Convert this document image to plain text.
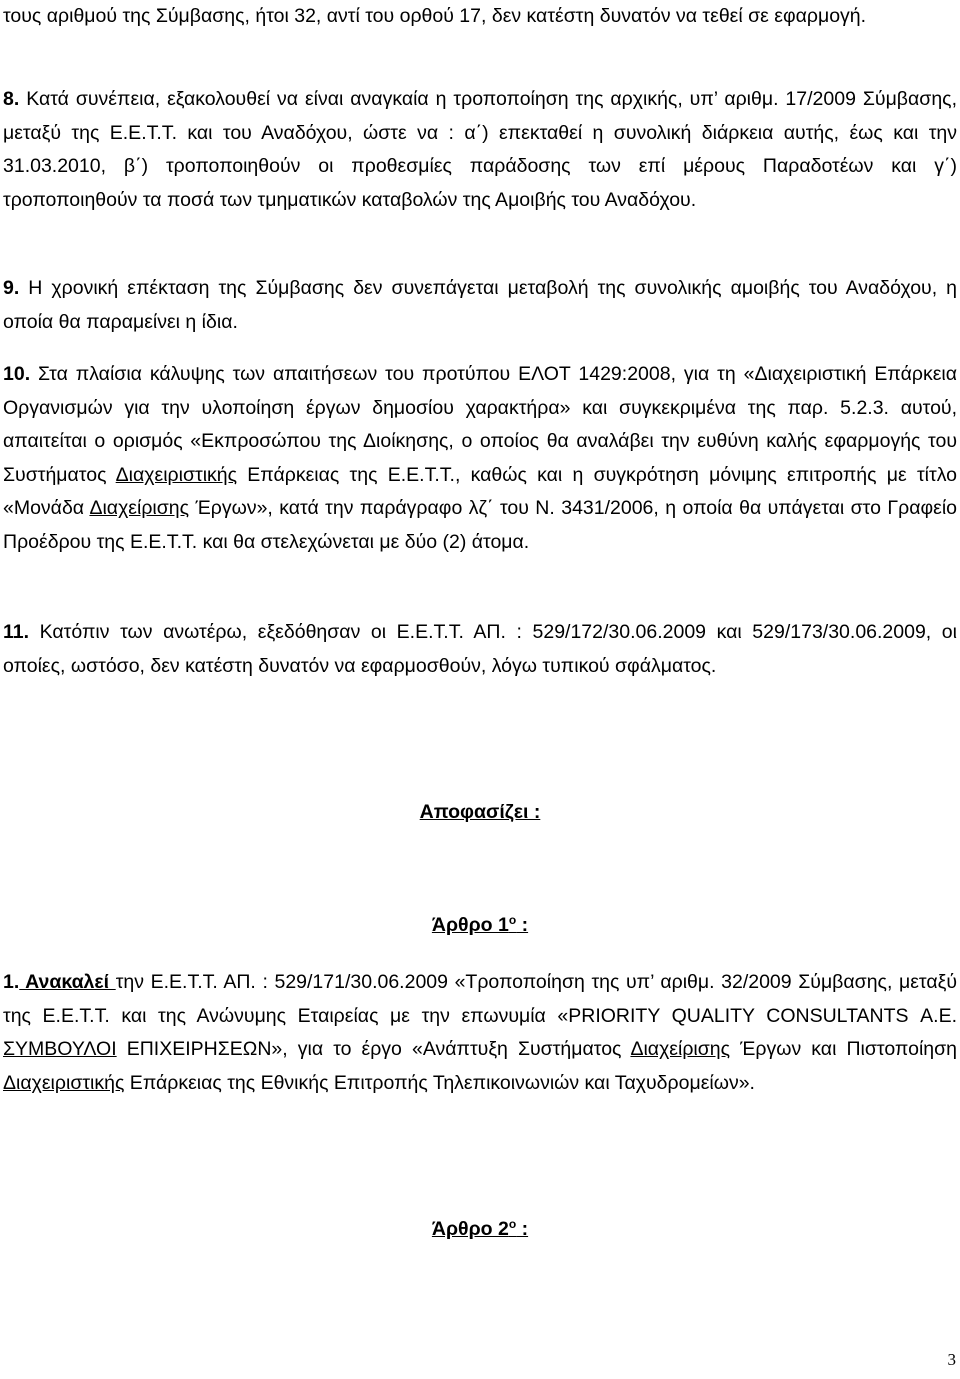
τους αριθμού της Σύμβασης, ήτοι 32, αντί του ορθού 17, δεν κατέστη δυνατόν να τεθεί σε εφαρμογή.

8. Κατά συνέπεια, εξακολουθεί να είναι αναγκαία η τροποποίηση της αρχικής, υπ’ αριθμ. 17/2009 Σύμβασης, μεταξύ της Ε.Ε.Τ.Τ. και του Αναδόχου, ώστε να : α΄) επεκταθεί η συνολική διάρκεια αυτής, έως και την 31.03.2010, β΄) τροποποιηθούν οι προθεσμίες παράδοσης των επί μέρους Παραδοτέων και γ΄) τροποποιηθούν τα ποσά των τμηματικών καταβολών της Αμοιβής του Αναδόχου.

9. Η χρονική επέκταση της Σύμβασης δεν συνεπάγεται μεταβολή της συνολικής αμοιβής του Αναδόχου, η οποία θα παραμείνει η ίδια.

10. Στα πλαίσια κάλυψης των απαιτήσεων του προτύπου ΕΛΟΤ 1429:2008, για τη «Διαχειριστική Επάρκεια Οργανισμών για την υλοποίηση έργων δημοσίου χαρακτήρα» και συγκεκριμένα της παρ. 5.2.3. αυτού, απαιτείται ο ορισμός «Εκπροσώπου της Διοίκησης, ο οποίος θα αναλάβει την ευθύνη καλής εφαρμογής του Συστήματος Διαχειριστικής Επάρκειας της Ε.Ε.Τ.Τ., καθώς και η συγκρότηση μόνιμης επιτροπής με τίτλο «Μονάδα Διαχείρισης Έργων», κατά την παράγραφο λζ΄ του Ν. 3431/2006, η οποία θα υπάγεται στο Γραφείο Προέδρου της Ε.Ε.Τ.Τ. και θα στελεχώνεται με δύο (2) άτομα.

11. Κατόπιν των ανωτέρω, εξεδόθησαν οι Ε.Ε.Τ.Τ. ΑΠ. : 529/172/30.06.2009 και 529/173/30.06.2009, οι οποίες, ωστόσο, δεν κατέστη δυνατόν να εφαρμοσθούν, λόγω τυπικού σφάλματος.

Αποφασίζει :

Άρθρο $1^o$ :

1. Ανακαλεί την Ε.Ε.Τ.Τ. ΑΠ. : 529/171/30.06.2009 «Τροποποίηση της υπ’ αριθμ. 32/2009 Σύμβασης, μεταξύ της Ε.Ε.Τ.Τ. και της Ανώνυμης Εταιρείας με την επωνυμία «PRIORITY QUALITY CONSULTANTS Α.Ε. ΣΥΜΒΟΥΛΟΙ ΕΠΙΧΕΙΡΗΣΕΩΝ», για το έργο «Ανάπτυξη Συστήματος Διαχείρισης Έργων και Πιστοποίηση Διαχειριστικής Επάρκειας της Εθνικής Επιτροπής Τηλεπικοινωνιών και Ταχυδρομείων».

Άρθρο $2^o$ :

3
